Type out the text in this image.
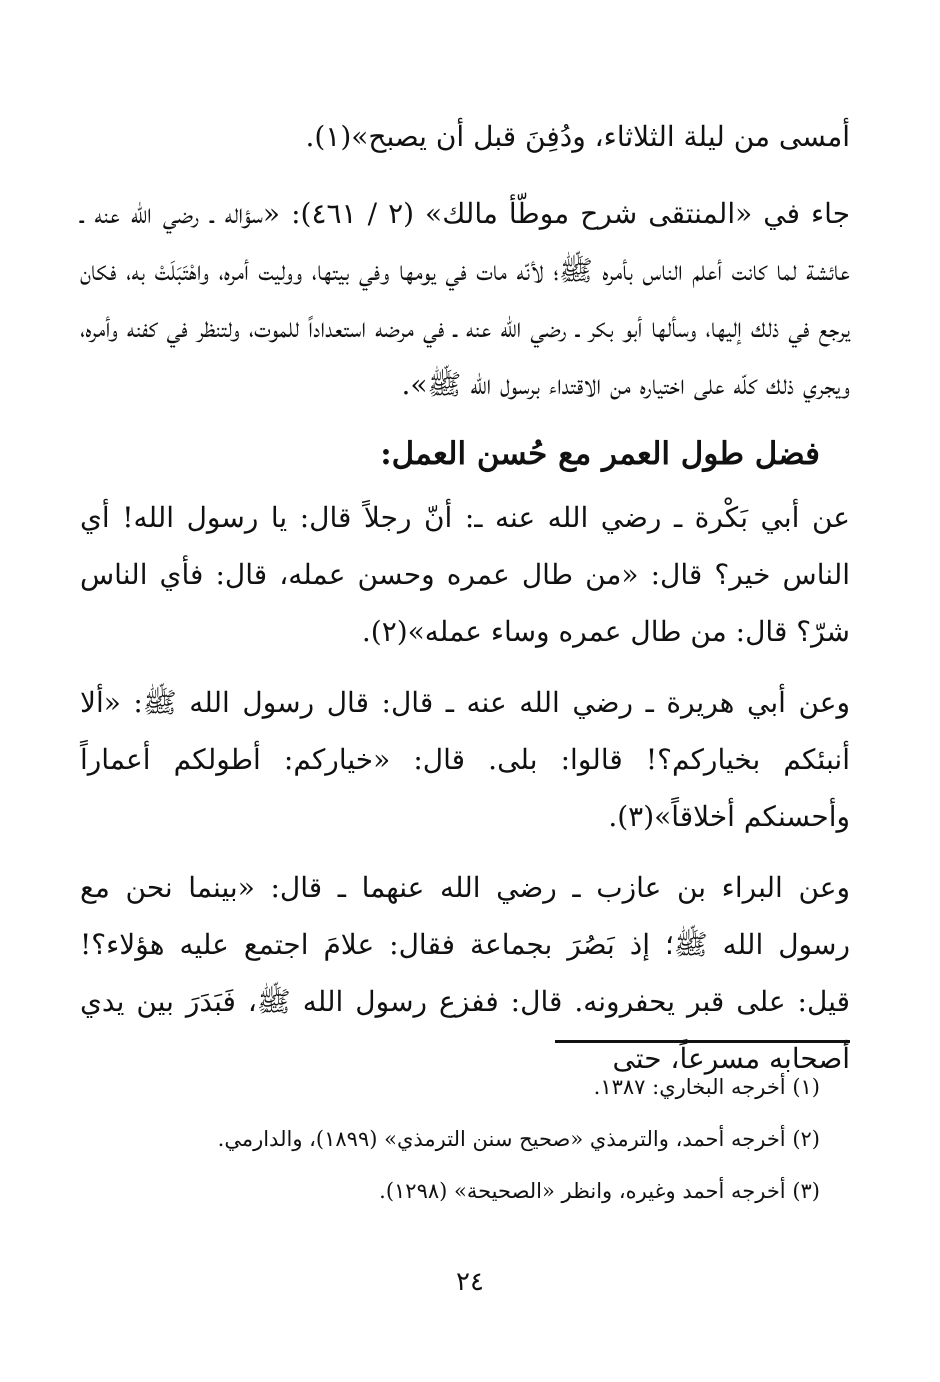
أمسى من ليلة الثلاثاء، ودُفِنَ قبل أن يصبح»(١).

جاء في «المنتقى شرح موطّأ مالك» (٢ / ٤٦١): «سؤاله ـ رضي الله عنه ـ عائشة لما كانت أعلم الناس بأمره ﷺ؛ لأنّه مات في يومها وفي بيتها، ووليت أمره، واهْتَبَلَتْ به، فكان يرجع في ذلك إليها، وسألها أبو بكر ـ رضي الله عنه ـ في مرضه استعداداً للموت، ولتنظر في كفنه وأمره، ويجري ذلك كلّه على اختياره من الاقتداء برسول الله ﷺ».

فضل طول العمر مع حُسن العمل:

عن أبي بَكْرة ـ رضي الله عنه ـ: أنّ رجلاً قال: يا رسول الله! أي الناس خير؟ قال: «من طال عمره وحسن عمله، قال: فأي الناس شرّ؟ قال: من طال عمره وساء عمله»(٢).

وعن أبي هريرة ـ رضي الله عنه ـ قال: قال رسول الله ﷺ: «ألا أنبئكم بخياركم؟! قالوا: بلى. قال: «خياركم: أطولكم أعماراً وأحسنكم أخلاقاً»(٣).

وعن البراء بن عازب ـ رضي الله عنهما ـ قال: «بينما نحن مع رسول الله ﷺ؛ إذ بَصُرَ بجماعة فقال: علامَ اجتمع عليه هؤلاء؟! قيل: على قبر يحفرونه. قال: ففزع رسول الله ﷺ، فَبَدَرَ بين يدي أصحابه مسرعاً، حتى

(١) أخرجه البخاري: ١٣٨٧.

(٢) أخرجه أحمد، والترمذي «صحيح سنن الترمذي» (١٨٩٩)، والدارمي.

(٣) أخرجه أحمد وغيره، وانظر «الصحيحة» (١٢٩٨).

٢٤
